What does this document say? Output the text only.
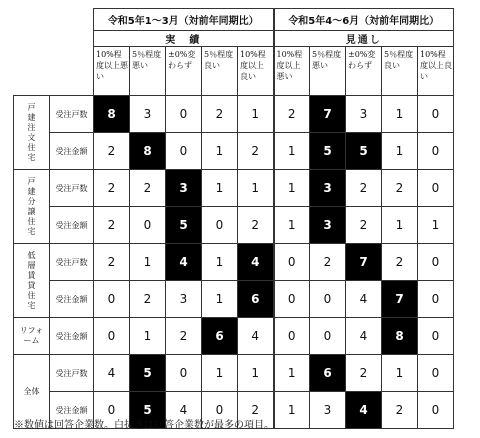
		令和5年1～3月（対前年同期比）					令和5年4～6月（対前年同期比）				
		実　績					見通し				
		10%程度以上悪い	5％程度悪い	±0%変わらず	5％程度良い	10%程度以上良い	10%程度以上悪い	5％程度悪い	±0%変わらず	5％程度良い	10%程度以上良い

戸建注文住宅	受注戸数	8	3	0	2	1	2	7	3	1	0
	受注金額	2	8	0	1	2	1	5	5	1	0

戸建分譲住宅	受注戸数	2	2	3	1	1	1	3	2	2	0
	受注金額	2	0	5	0	2	1	3	2	1	1

低層賃貸住宅	受注戸数	2	1	4	1	4	0	2	7	2	0
	受注金額	0	2	3	1	6	0	0	4	7	0

リフォーム	受注金額	0	1	2	6	4	0	0	4	8	0

全体	受注戸数	4	5	0	1	1	1	6	2	1	0
	受注金額	0	5	4	0	2	1	3	4	2	0
※数値は回答企業数。白抜きは回答企業数が最多の項目。
